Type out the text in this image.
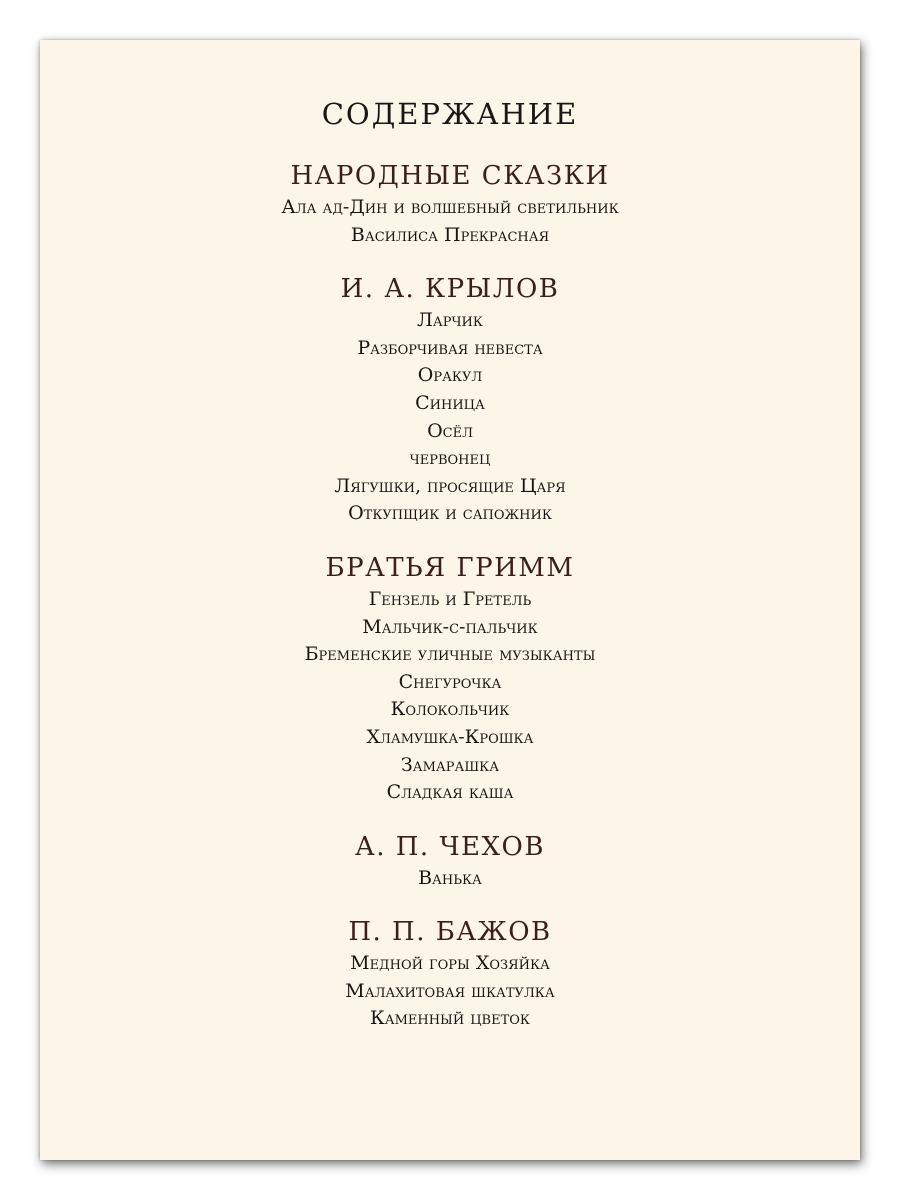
СОДЕРЖАНИЕ
НАРОДНЫЕ СКАЗКИ
Ала ад-Дин и волшебный светильник
Василиса Прекрасная
И. А. КРЫЛОВ
Ларчик
Разборчивая невеста
Оракул
Синица
Осёл
червонец
Лягушки, просящие Царя
Откупщик и сапожник
БРАТЬЯ ГРИММ
Гензель и Гретель
Мальчик-с-пальчик
Бременские уличные музыканты
Снегурочка
Колокольчик
Хламушка-Крошка
Замарашка
Сладкая каша
А. П. ЧЕХОВ
Ванька
П. П. БАЖОВ
Медной горы Хозяйка
Малахитовая шкатулка
Каменный цветок
